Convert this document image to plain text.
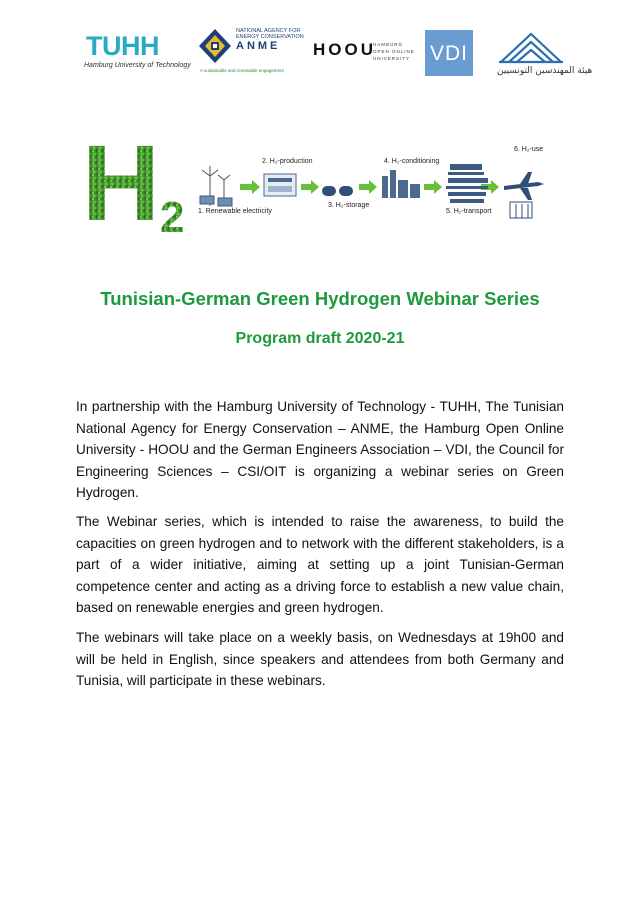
TUHH
Hamburg University of Technology
NATIONAL AGENCY FOR
ENERGY CONSERVATION
ANME
A sustainable and renewable engagement
HOOU
HAMBURG
OPEN ONLINE
UNIVERSITY VDI
هيئة المهندسين التونسيين
H 2 1. Renewable electricity
2. H₂-production
3. H₂-storage
4. H₂-conditioning
5. H₂-transport
6. H₂-use
Tunisian-German Green Hydrogen Webinar Series
Program draft 2020-21

In partnership with the Hamburg University of Technology - TUHH, The Tunisian National Agency for Energy Conservation – ANME, the Hamburg Open Online University - HOOU and the German Engineers Association – VDI, the Council for Engineering Sciences – CSI/OIT is organizing a webinar series on Green Hydrogen.

The Webinar series, which is intended to raise the awareness, to build the capacities on green hydrogen and to network with the different stakeholders, is a part of a wider initiative, aiming at setting up a joint Tunisian-German competence center and acting as a driving force to establish a new value chain, based on renewable energies and green hydrogen.

The webinars will take place on a weekly basis, on Wednesdays at 19h00 and will be held in English, since speakers and attendees from both Germany and Tunisia, will participate in these webinars.
